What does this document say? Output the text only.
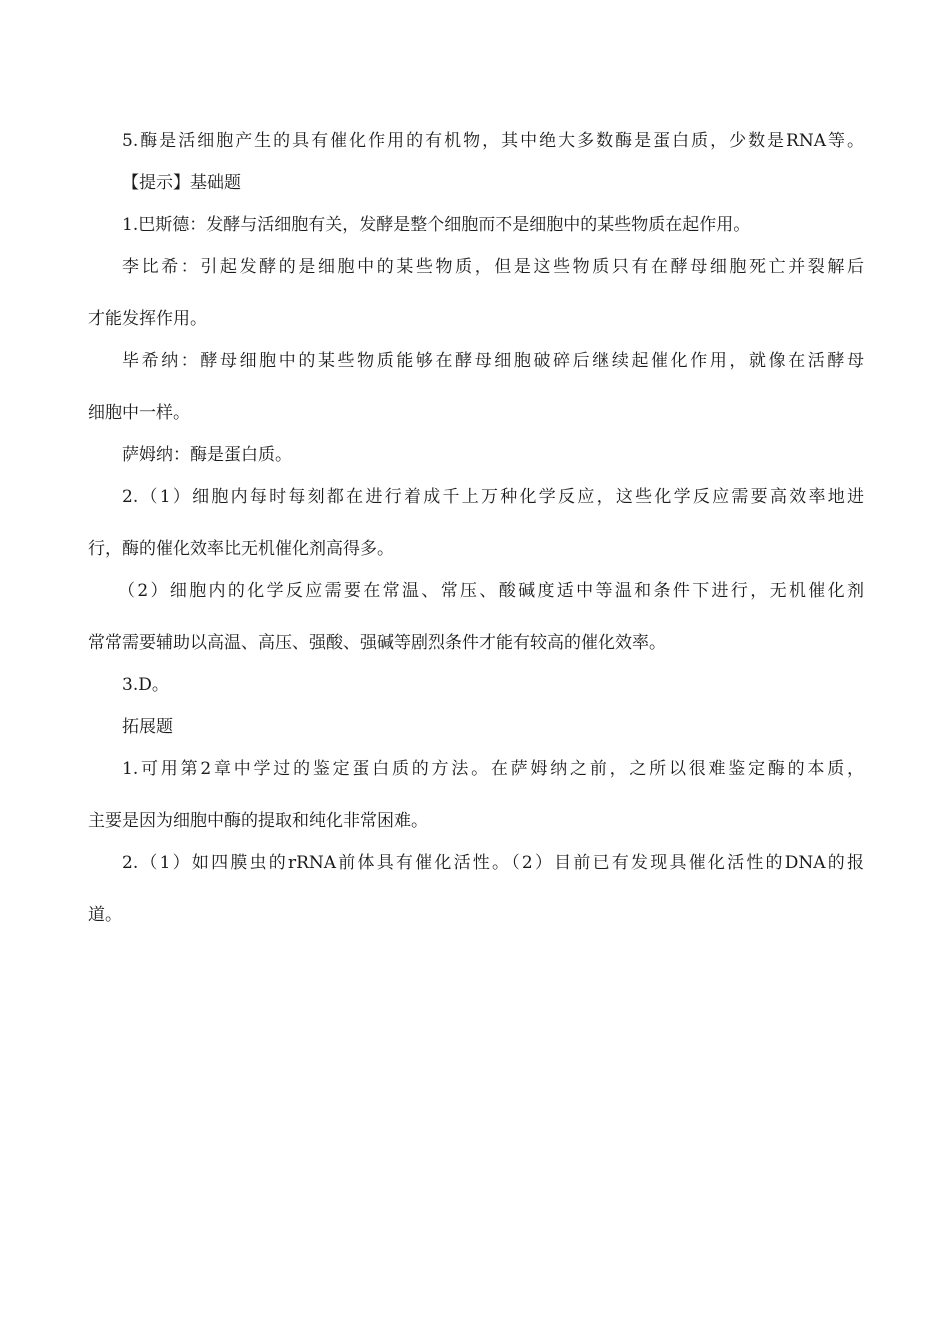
5.酶是活细胞产生的具有催化作用的有机物，其中绝大多数酶是蛋白质，少数是RNA等。

【提示】基础题

1.巴斯德：发酵与活细胞有关，发酵是整个细胞而不是细胞中的某些物质在起作用。

李比希：引起发酵的是细胞中的某些物质，但是这些物质只有在酵母细胞死亡并裂解后

才能发挥作用。

毕希纳：酵母细胞中的某些物质能够在酵母细胞破碎后继续起催化作用，就像在活酵母

细胞中一样。

萨姆纳：酶是蛋白质。

2.（1）细胞内每时每刻都在进行着成千上万种化学反应，这些化学反应需要高效率地进

行，酶的催化效率比无机催化剂高得多。

（2）细胞内的化学反应需要在常温、常压、酸碱度适中等温和条件下进行，无机催化剂

常常需要辅助以高温、高压、强酸、强碱等剧烈条件才能有较高的催化效率。

3.D。

拓展题

1.可用第2章中学过的鉴定蛋白质的方法。在萨姆纳之前，之所以很难鉴定酶的本质，

主要是因为细胞中酶的提取和纯化非常困难。

2.（1）如四膜虫的rRNA前体具有催化活性。（2）目前已有发现具催化活性的DNA的报

道。
